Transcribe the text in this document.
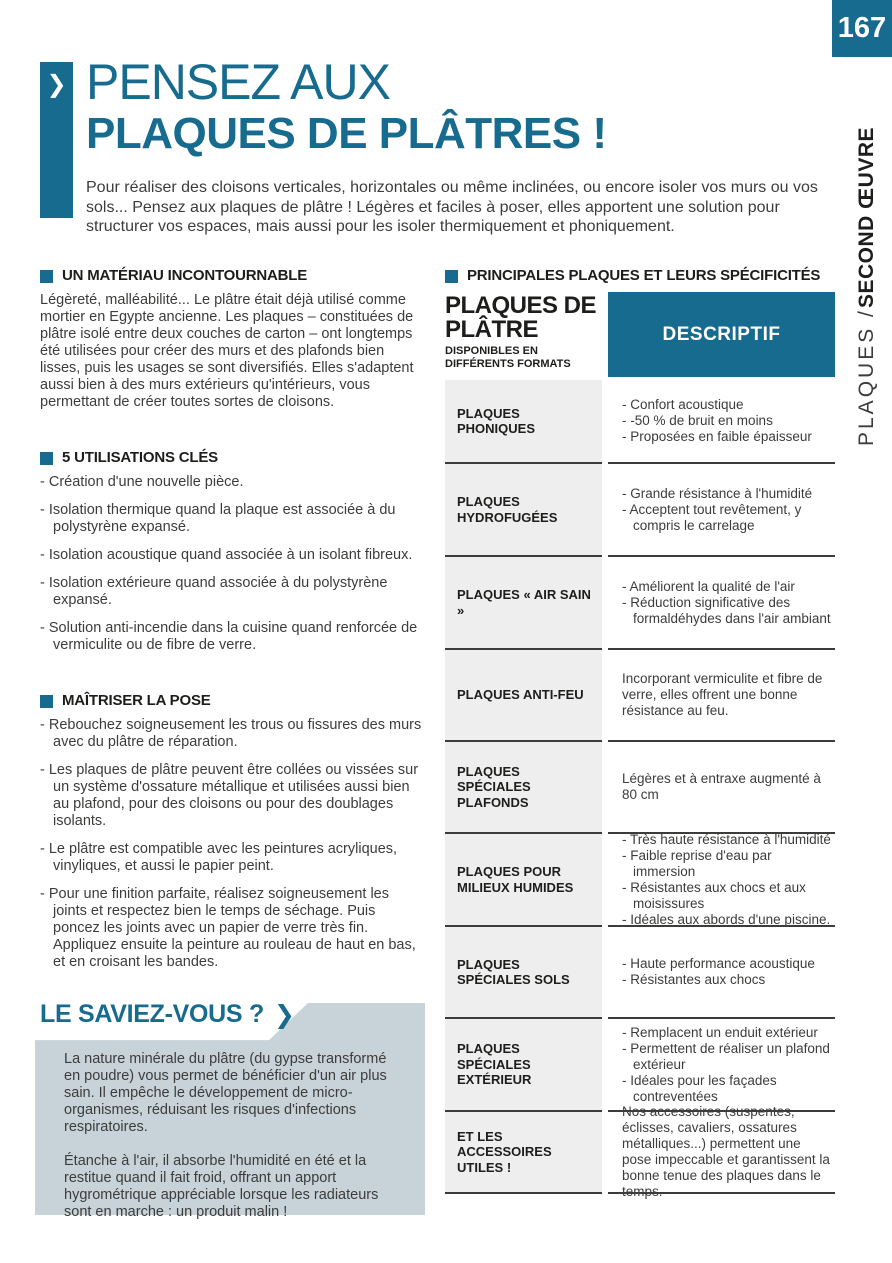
167
PLAQUES /
SECOND ŒUVRE
❯ PENSEZ AUX
PLAQUES DE PLÂTRES !

Pour réaliser des cloisons verticales, horizontales ou même inclinées, ou encore isoler vos murs ou vos sols... Pensez aux plaques de plâtre ! Légères et faciles à poser, elles apportent une solution pour structurer vos espaces, mais aussi pour les isoler thermiquement et phoniquement.

UN MATÉRIAU INCONTOURNABLE
Légèreté, malléabilité... Le plâtre était déjà utilisé comme mortier en Egypte ancienne. Les plaques – constituées de plâtre isolé entre deux couches de carton – ont longtemps été utilisées pour créer des murs et des plafonds bien lisses, puis les usages se sont diversifiés. Elles s'adaptent aussi bien à des murs extérieurs qu'intérieurs, vous permettant de créer toutes sortes de cloisons.
5 UTILISATIONS CLÉS
- Création d'une nouvelle pièce.
- Isolation thermique quand la plaque est associée à du polystyrène expansé.
- Isolation acoustique quand associée à un isolant fibreux.
- Isolation extérieure quand associée à du polystyrène expansé.
- Solution anti-incendie dans la cuisine quand renforcée de vermiculite ou de fibre de verre.
MAÎTRISER LA POSE
- Rebouchez soigneusement les trous ou fissures des murs avec du plâtre de réparation.
- Les plaques de plâtre peuvent être collées ou vissées sur un système d'ossature métallique et utilisées aussi bien au plafond, pour des cloisons ou pour des doublages isolants.
- Le plâtre est compatible avec les peintures acryliques, vinyliques, et aussi le papier peint.
- Pour une finition parfaite, réalisez soigneusement les joints et respectez bien le temps de séchage. Puis poncez les joints avec un papier de verre très fin. Appliquez ensuite la peinture au rouleau de haut en bas, et en croisant les bandes.
LE SAVIEZ-VOUS ? ❯

La nature minérale du plâtre (du gypse transformé en poudre) vous permet de bénéficier d'un air plus sain. Il empêche le développement de micro-organismes, réduisant les risques d'infections respiratoires.

Étanche à l'air, il absorbe l'humidité en été et la restitue quand il fait froid, offrant un apport hygrométrique appréciable lorsque les radiateurs sont en marche : un produit malin !

PRINCIPALES PLAQUES ET LEURS SPÉCIFICITÉS
PLAQUES DE PLÂTRE
DISPONIBLES EN DIFFÉRENTS FORMATS
DESCRIPTIF
PLAQUES PHONIQUES
- Confort acoustique
- -50 % de bruit en moins
- Proposées en faible épaisseur
PLAQUES HYDROFUGÉES
- Grande résistance à l'humidité
- Acceptent tout revêtement, y compris le carrelage
PLAQUES « AIR SAIN »
- Améliorent la qualité de l'air
- Réduction significative des formaldéhydes dans l'air ambiant
PLAQUES ANTI-FEU
Incorporant vermiculite et fibre de verre, elles offrent une bonne résistance au feu.
PLAQUES SPÉCIALES PLAFONDS
Légères et à entraxe augmenté à 80 cm
PLAQUES POUR MILIEUX HUMIDES
- Très haute résistance à l'humidité
- Faible reprise d'eau par immersion
- Résistantes aux chocs et aux moisissures
- Idéales aux abords d'une piscine.
PLAQUES SPÉCIALES SOLS
- Haute performance acoustique
- Résistantes aux chocs
PLAQUES SPÉCIALES EXTÉRIEUR
- Remplacent un enduit extérieur
- Permettent de réaliser un plafond extérieur
- Idéales pour les façades contreventées
ET LES ACCESSOIRES UTILES !
Nos accessoires (suspentes, éclisses, cavaliers, ossatures métalliques...) permettent une pose impeccable et garantissent la bonne tenue des plaques dans le temps.
